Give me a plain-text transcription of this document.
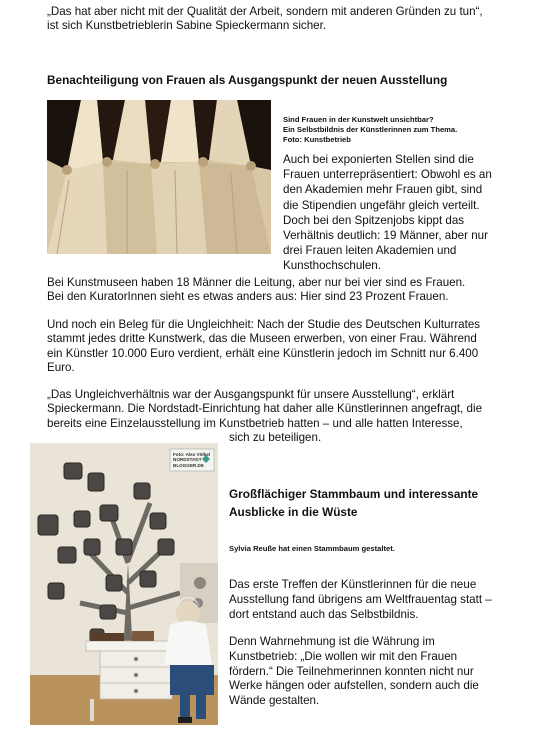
„Das hat aber nicht mit der Qualität der Arbeit, sondern mit anderen Gründen zu tun“,
ist sich Kunstbetrieblerin Sabine Spieckermann sicher.
Benachteiligung von Frauen als Ausgangspunkt der neuen Ausstellung
Sind Frauen in der Kunstwelt unsichtbar?
Ein Selbstbildnis der Künstlerinnen zum Thema.
Foto: Kunstbetrieb
Auch bei exponierten Stellen sind die
Frauen unterrepräsentiert: Obwohl es an
den Akademien mehr Frauen gibt, sind
die Stipendien ungefähr gleich verteilt.
Doch bei den Spitzenjobs kippt das
Verhältnis deutlich: 19 Männer, aber nur
drei Frauen leiten Akademien und
Kunsthochschulen.
Bei Kunstmuseen haben 18 Männer die Leitung, aber nur bei vier sind es Frauen.
Bei den KuratorInnen sieht es etwas anders aus: Hier sind 23 Prozent Frauen.
Und noch ein Beleg für die Ungleichheit: Nach der Studie des Deutschen Kulturrates
stammt jedes dritte Kunstwerk, das die Museen erwerben, von einer Frau. Während
ein Künstler 10.000 Euro verdient, erhält eine Künstlerin jedoch im Schnitt nur 6.400
Euro.
„Das Ungleichverhältnis war der Ausgangspunkt für unsere Ausstellung“, erklärt
Spieckermann. Die Nordstadt-Einrichtung hat daher alle Künstlerinnen angefragt, die
bereits eine Einzelausstellung im Kunstbetrieb hatten – und alle hatten Interesse,
sich zu beteiligen.
Foto: Alex Völkel
NORDSTADT
BLOGGER.DE
Großflächiger Stammbaum und interessante
Ausblicke in die Wüste
Sylvia Reuße hat einen Stammbaum gestaltet.
Das erste Treffen der Künstlerinnen für die neue
Ausstellung fand übrigens am Weltfrauentag statt –
dort entstand auch das Selbstbildnis.
Denn Wahrnehmung ist die Währung im
Kunstbetrieb: „Die wollen wir mit den Frauen
fördern.“ Die Teilnehmerinnen konnten nicht nur
Werke hängen oder aufstellen, sondern auch die
Wände gestalten.
